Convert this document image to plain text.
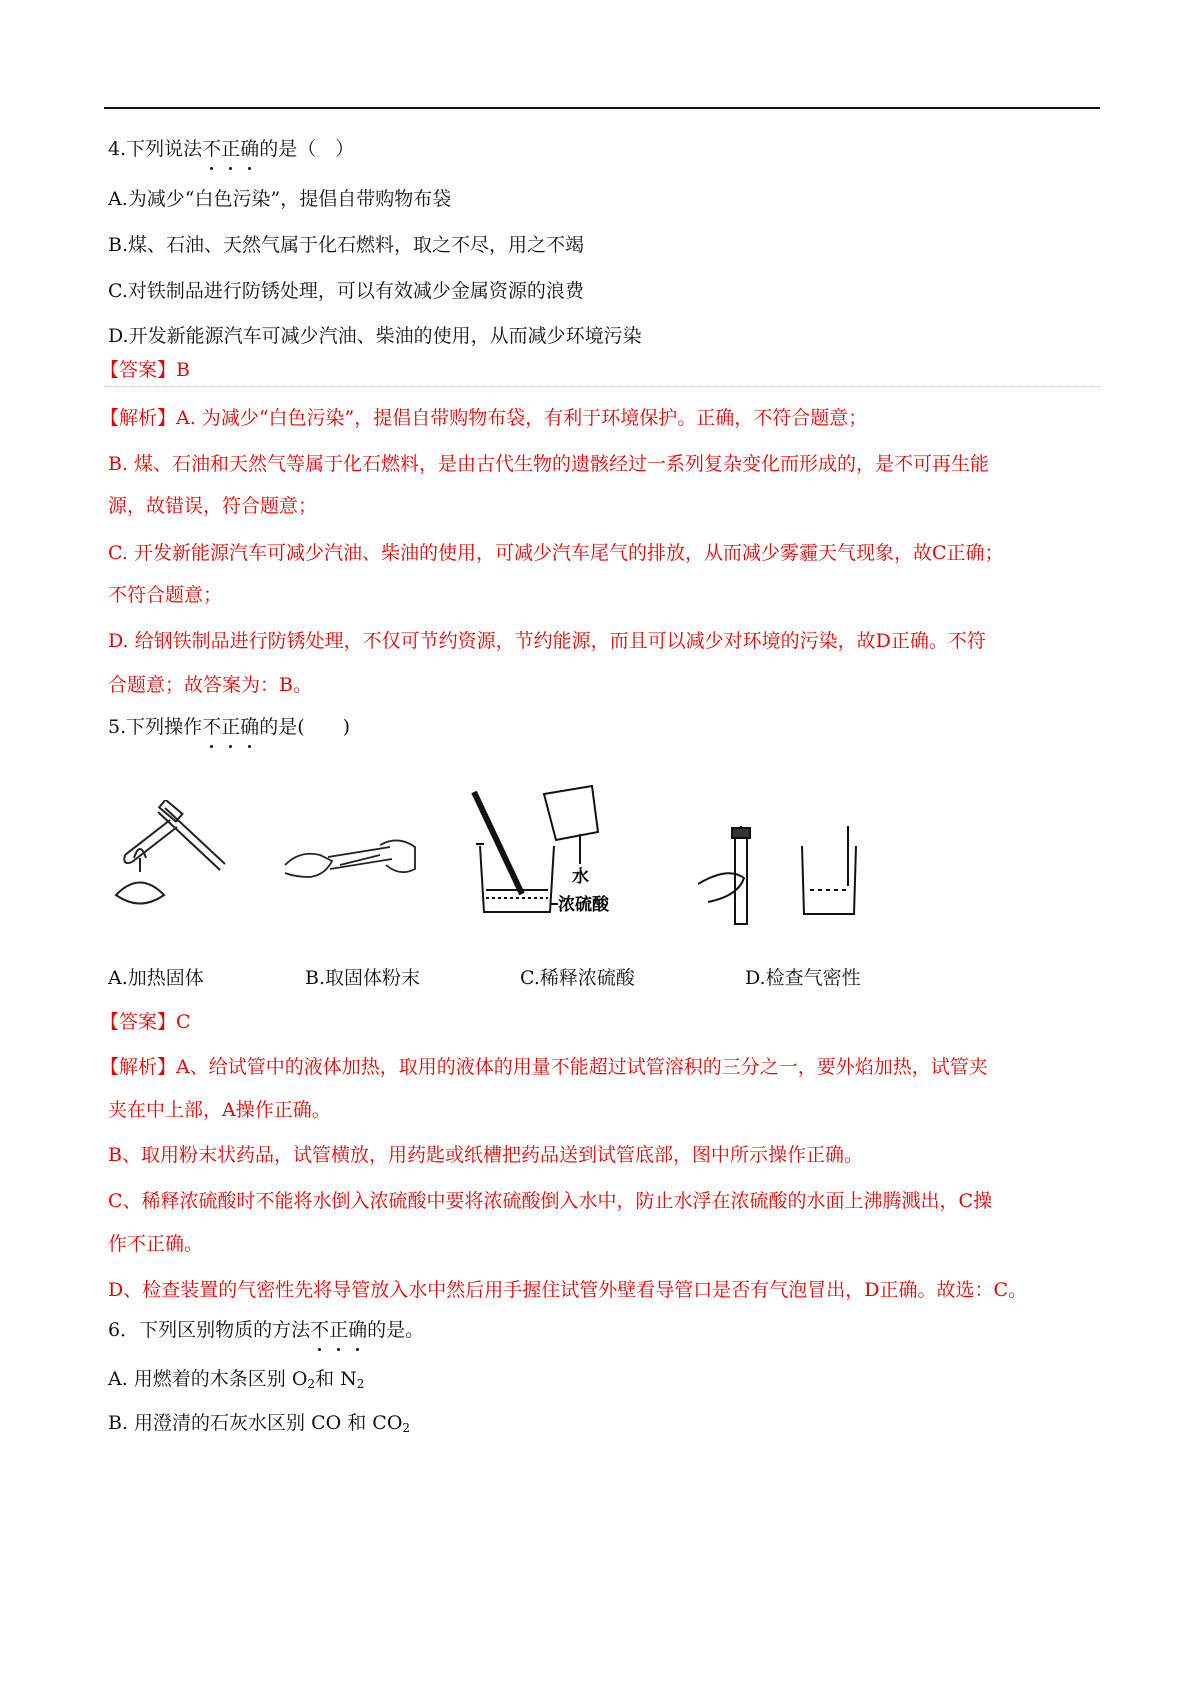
4.下列说法不正确的是（　）
A.为减少“白色污染”，提倡自带购物布袋
B.煤、石油、天然气属于化石燃料，取之不尽，用之不竭
C.对铁制品进行防锈处理，可以有效减少金属资源的浪费
D.开发新能源汽车可减少汽油、柴油的使用，从而减少环境污染
【答案】B
【解析】A. 为减少“白色污染”，提倡自带购物布袋，有利于环境保护。正确，不符合题意；
B. 煤、石油和天然气等属于化石燃料，是由古代生物的遗骸经过一系列复杂变化而形成的，是不可再生能
源，故错误，符合题意；
C. 开发新能源汽车可减少汽油、柴油的使用，可减少汽车尾气的排放，从而减少雾霾天气现象，故C正确；
不符合题意；
D. 给钢铁制品进行防锈处理，不仅可节约资源，节约能源，而且可以减少对环境的污染，故D正确。不符
合题意；故答案为：B。
5.下列操作不正确的是(　　)
水
浓硫酸
A.加热固体	B.取固体粉末	C.稀释浓硫酸	D.检查气密性
【答案】C
【解析】A、给试管中的液体加热，取用的液体的用量不能超过试管溶积的三分之一，要外焰加热，试管夹
夹在中上部，A操作正确。
B、取用粉末状药品，试管横放，用药匙或纸槽把药品送到试管底部，图中所示操作正确。
C、稀释浓硫酸时不能将水倒入浓硫酸中要将浓硫酸倒入水中，防止水浮在浓硫酸的水面上沸腾溅出，C操
作不正确。
D、检查装置的气密性先将导管放入水中然后用手握住试管外壁看导管口是否有气泡冒出，D正确。故选：C。
6．下列区别物质的方法不正确的是。
A. 用燃着的木条区别 $O_2$和 $N_2$
B. 用澄清的石灰水区别 CO 和 $CO_2$
